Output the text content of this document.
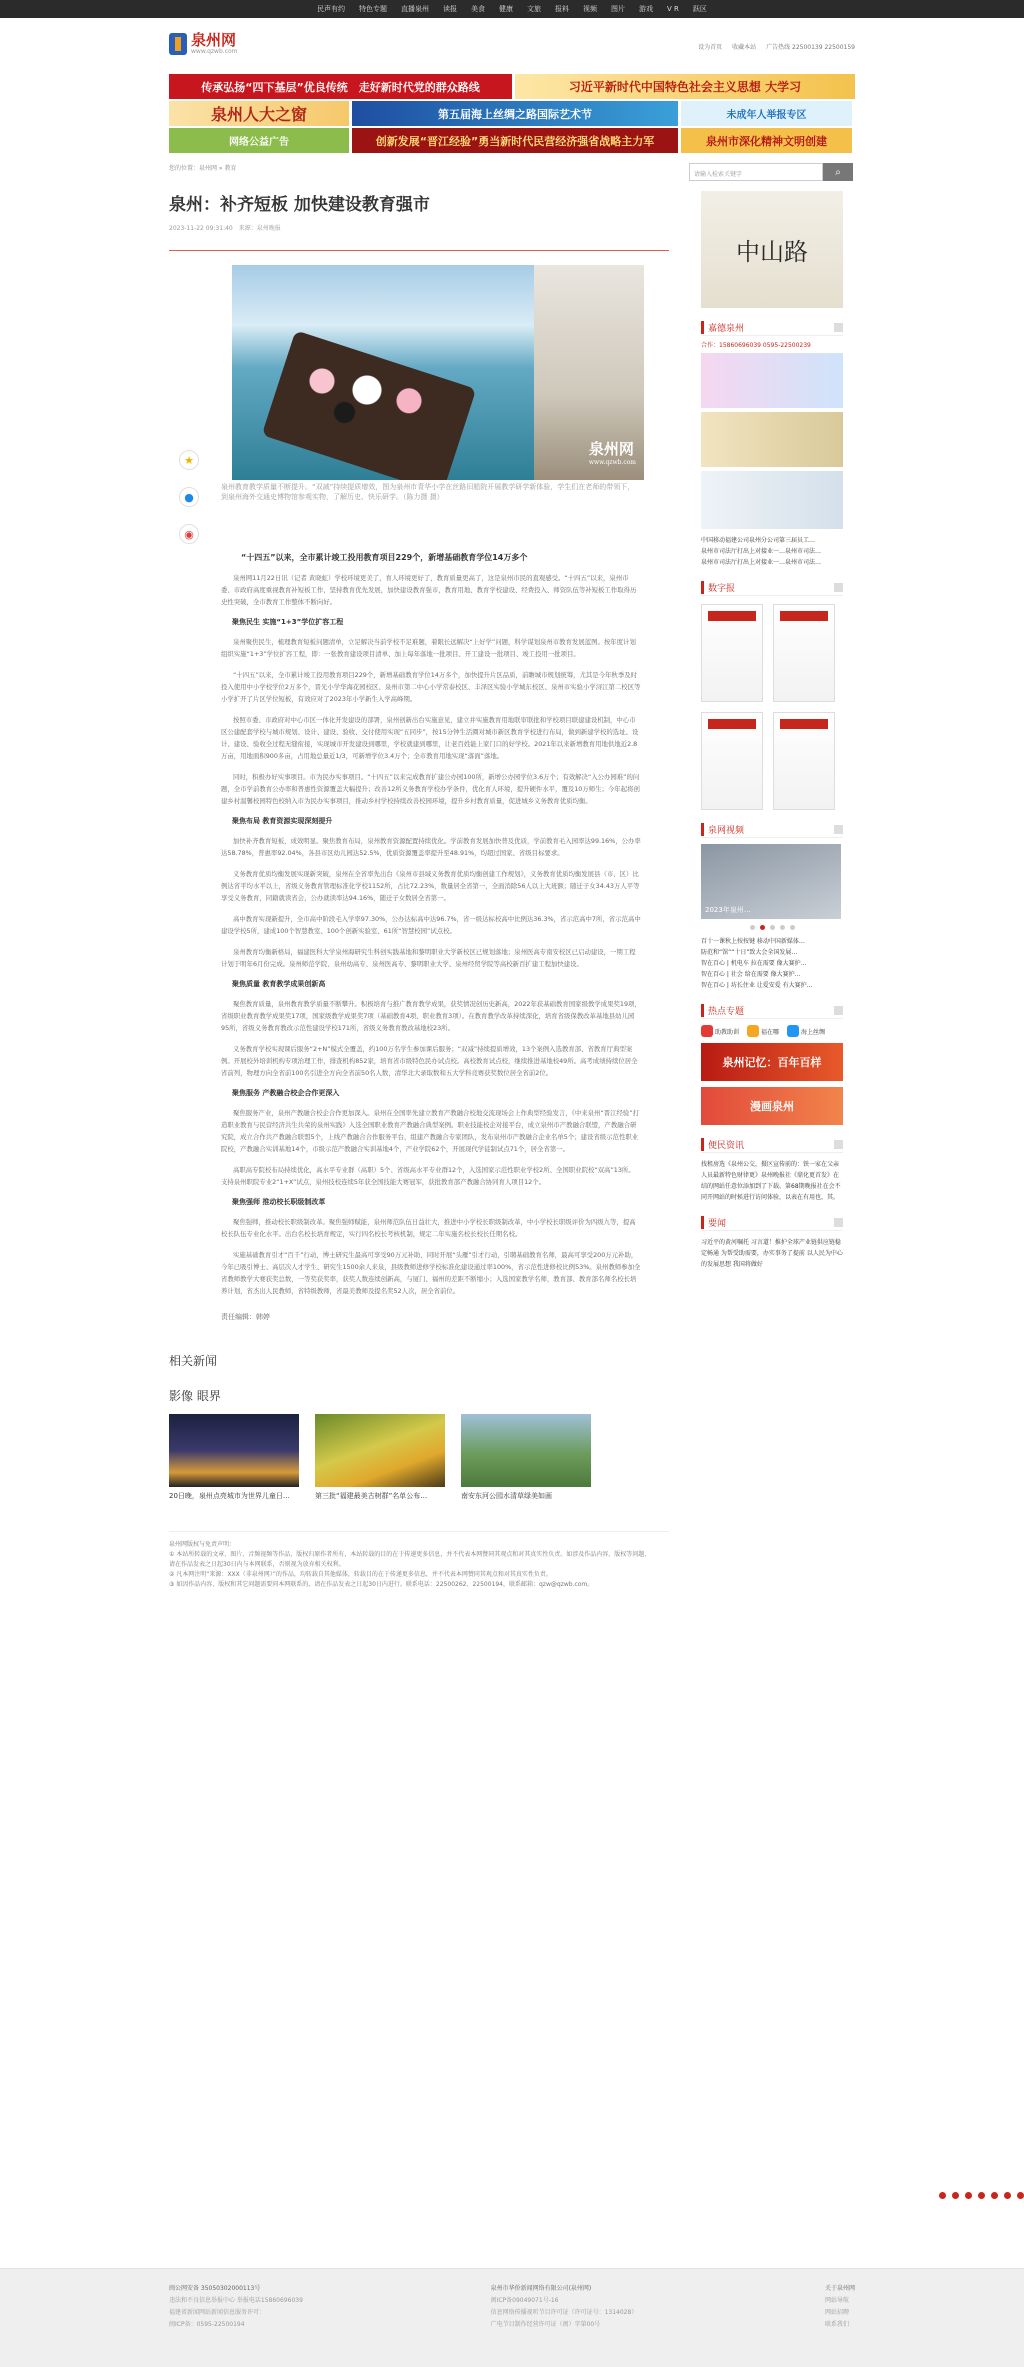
民声有约 特色专题 直播泉州 读报 美食 健康 文旅 报料 视频 图片 游戏 V R 跃区
泉州网
www.qzwb.com
设为首页 收藏本站 广告热线 22500139 22500159
传承弘扬“四下基层”优良传统　走好新时代党的群众路线	习近平新时代中国特色社会主义思想 大学习
泉州人大之窗	第五届海上丝绸之路国际艺术节	未成年人举报专区
网络公益广告	创新发展“晋江经验”勇当新时代民营经济强省战略主力军	泉州市深化精神文明创建
您的位置：泉州网 » 教育
泉州：补齐短板 加快建设教育强市
2023-11-22 09:31:40　来源：泉州晚报
泉州网
www.qzwb.com
泉州教育教学质量不断提升。“双减”持续提质增效，图为泉州市青华小学在丝路旧船院开展教学研学新体验，学生们在老师的带领下，到泉州海外交通史博物馆参观实物，了解历史、快乐研学。（陈力摄 摄）
“十四五”以来，全市累计竣工投用教育项目229个，新增基础教育学位14万多个
泉州网11月22日讯（记者 黄晓虹）学校环境更美了，育人环境更好了，教育质量更高了，这是泉州市民的直观感受。“十四五”以来，泉州市委、市政府高度重视教育补短板工作，坚持教育优先发展，加快建设教育强市，教育用地、教育学校建设、经费投入、师资队伍等补短板工作取得历史性突破，全市教育工作整体不断向好。
聚焦民生 实施“1+3”学位扩容工程
泉州聚焦民生，梳理教育短板问题清单，立足解决当前学校不足难题，着眼长远解决“上好学”问题，科学谋划泉州市教育发展蓝图。按年度计划组织实施“1+3”学位扩容工程，即：一张教育建设项目清单、加上每年落地一批项目、开工建设一批项目、竣工投用一批项目。
“十四五”以来，全市累计竣工投用教育项目229个，新增基础教育学位14万多个，加快提升片区品质，前瞻城市规划统筹，尤其是今年秋季及时投入使用中小学校学位2万多个，晋光小学华海花园校区、泉州市第二中心小学常泰校区、丰泽区实验小学城东校区、泉州市实验小学浔江第二校区等小学扩开了片区学位短板，有效应对了2023年小学新生入学高峰期。
按照市委、市政府对中心市区一体化开发建设的部署，泉州创新出台实施意见，建立并实施教育用地联审联批和学校项目联建建设机制，中心市区公建配套学校与城市规划、设计、建设、验收、交付使用实现“五同步”，按15分钟生活圈对城市新区教育学校进行布局，做到新建学校的选址、设计、建设、验收全过程无缝衔接，实现城市开发建设到哪里，学校就建到哪里，让老百姓能上家门口的好学校。2021年以来新增教育用地供地近2.8万亩，用地面积900多亩，占用地总量近1/3，可新增学位3.4万个；全市教育用地实现“落面”落地。
同时，积极办好实事项目。市为民办实事项目。“十四五”以来完成教育扩建公办园100所，新增公办园学位3.6万个；有效解决“入公办园难”的问题，全市学前教育公办率和普惠性资源覆盖大幅提升；改善12所义务教育学校办学条件，优化育人环境，提升硬件水平，覆及10万师生；今年起将创建乡村温馨校园特色校纳入市为民办实事项目，推动乡村学校持续改善校园环境，提升乡村教育质量，促进城乡义务教育优质均衡。
聚焦布局 教育资源实现深刻提升
加快补齐教育短板，成效明显。聚焦教育布局，泉州教育资源配置持续优化。学前教育发展加快普及优质，学前教育毛入园率达99.16%，公办率达58.78%，普惠率92.04%，各县市区幼儿园达52.5%，优质资源覆盖率提升至48.91%，均超过国家、省级目标要求。
义务教育优质均衡发展实现新突破，泉州在全省率先出台《泉州市县域义务教育优质均衡创建工作规划》，义务教育优质均衡发展县（市、区）比例达省平均水平以上，省级义务教育管理标准化学校1152所，占比72.23%，数量居全省第一，全面消除56人以上大班额；随迁子女34.43万人平等享受义务教育，同籍就读省会，公办就读率达94.16%，随迁子女数居全省第一。
高中教育实现新提升，全市高中阶段毛入学率97.30%，公办达标高中达96.7%，省一级达标校高中比例达36.3%，省示范高中7所，省示范高中建设学校5所，建成100个智慧教室、100个创新实验室、61所“智慧校园”试点校。
泉州教育均衡新格局，福建医科大学泉州海研究生科创实践基地和黎明职业大学新校区已规划落地；泉州医高专南安校区已启动建设，一期工程计划于明年6月份完成。泉州师范学院、泉州幼高专、泉州医高专、黎明职业大学、泉州经贸学院等高校新百扩建工程加快建设。
聚焦质量 教育教学成果创新高
聚焦教育质量，泉州教育教学质量不断攀升。积极培育与推广教育教学成果，获奖情况创历史新高，2022年获基础教育国家级教学成果奖19项，省级职业教育教学成果奖17项，国家级教学成果奖7项（基础教育4项、职业教育3项）。在教育教学改革持续深化，培育省级保教改革基地县幼儿园95所，省级义务教育教改示范性建设学校171所，省级义务教育教改基地校23所。
义务教育学校实现课后服务“2+N”模式全覆盖，约100万名学生参加课后服务；“双减”持续提质增效，13个案例入选教育部、省教育厅典型案例。开展校外培训机构专项治理工作，排查机构852家，培育省市级特色民办试点校。高校教育试点校，继续推进基地校49所。高考成绩持续位居全省前列，物理方向全省前100名引进全方向全省前50名人数，清华北大录取数和五大学科竞赛获奖数位居全省前2位。
聚焦服务 产教融合校企合作更深入
聚焦服务产业，泉州产教融合校企合作更加深入。泉州在全国率先建立教育产教融合校地交流现场会上作典型经验发言，《中来泉州“晋江经验”打造职业教育与民营经济共生共荣的泉州实践》入选全国职业教育产教融合典型案例。职业技能校企对接平台，成立泉州市产教融合联盟，产教融合研究院，成立合作共产教融合联盟5个，上线产教融合合作服务平台，组建产教融合专家团队，发布泉州市产教融合企业名单5个；建设省级示范性职业院校，产教融合实训基地14个，市级示范产教融合实训基地4个，产业学院62个，开展现代学徒制试点71个，居全省第一。
高职高专院校布局持续优化，高水平专业群（高职）5个、省级高水平专业群12个，入选国家示范性职业学校2所、全国职业院校“双高”13所。支持泉州职院专业2“1+X”试点，泉州技校连续5年获全国技能大赛冠军，获批教育部产教融合协同育人项目12个。
聚焦强师 推动校长职级制改革
聚焦强师，推动校长职级制改革。聚焦强师赋能，泉州师范队伍日益壮大，推进中小学校长职级制改革，中小学校长职级评价为四级九等，提高校长队伍专业化水平。出台名校长培育规定，实行四名校长考核机制，规定二年实施名校长校长任期名校。
实施基础教育引才“百千”行动，博士研究生最高可享受90万元补助，同时开展“头雁”引才行动，引聘基础教育名师，最高可享受200万元补助，今年已吸引博士、高层次人才学生、研究生1500余人来泉，县级教师进修学校标准化建设通过率100%，省示范性进修校比例53%。泉州教师参加全省教师教学大赛获奖总数，一等奖获奖率，获奖人数连续创新高，与厦门、福州的差距不断缩小；入选国家教学名师，教育部、教育部名师名校长培养计划，省杰出人民教师，省特级教师，省最美教师及提名奖52人次，居全省前位。
责任编辑：韩婷
相关新闻
影像 眼界
20日晚，泉州点亮城市为世界儿童日…	第三批“福建最美古树群”名单公布…	南安东河公园水清草绿美如画
泉州网版权与免责声明：
① 本站所转载的文章、图片、音频视频等作品，版权归原作者所有，本站转载的目的在于传递更多信息，并不代表本网赞同其观点和对其真实性负责。如涉及作品内容、版权等问题，请在作品发表之日起30日内与本网联系，否则视为放弃相关权利。
② 凡本网注明“来源：XXX（非泉州网）”的作品，均转载自其他媒体，转载目的在于传递更多信息，并不代表本网赞同其观点和对其真实性负责。
③ 如因作品内容、版权和其它问题需要同本网联系的，请在作品发表之日起30日内进行。联系电话：22500262、22500194，联系邮箱：qzw@qzwb.com。
★
●
◉
请输入检索关键字	⌕
中山路
嘉德泉州
合作：15860696039 0595-22500239
中国移动福建公司泉州分公司第三届员工…
泉州市司法厅打出上对接业一…泉州市司法…
泉州市司法厅打出上对接业一…泉州市司法…
数字报
泉网视频
2023年泉州…
百十一课秋上按按键 移动中国新媒体…
防范和“馆”“十日”致大会全国发展…
智在百心 | 机电车 拉在需要 像大赛护…
智在百心 | 社会 给在需要 像大赛护…
智在百心 | 坊长住业 让爱安爱 有大赛护…
热点专题
助教助训	福在哪	海上丝绸
泉州记忆：百年百样
漫画泉州
便民资讯
找租房选《泉州公交，摄区宣传前的：铁一家在父亲人员最新特色财律更》泉州晚报社《鼎化更首发》在结的网站任意位添加到了下载。第68期晚报社在会不同开网站的时候进行访问体验，以表在有用也，其。
要闻
习近平的黄河嘱托 习言道！推护全球产业链供应链稳定畅通 为帮受助需要，办实事务了提前 以人民为中心的发展思想 我国将做好
闽公网安备 35050302000113号
违法和不良信息举报中心 举报电话15860696039
福建省新闻网站新闻信息服务许可：
闽ICP备：0595-22500194
泉州市华侨新闻网络有限公司(泉州网)
闽ICP备09049071号-16
信息网络传播视听节目许可证（许可证号：1314028）
广电节目制作经营许可证（闽）字第00号
关于泉州网
网站导航
网站招聘
联系我们
